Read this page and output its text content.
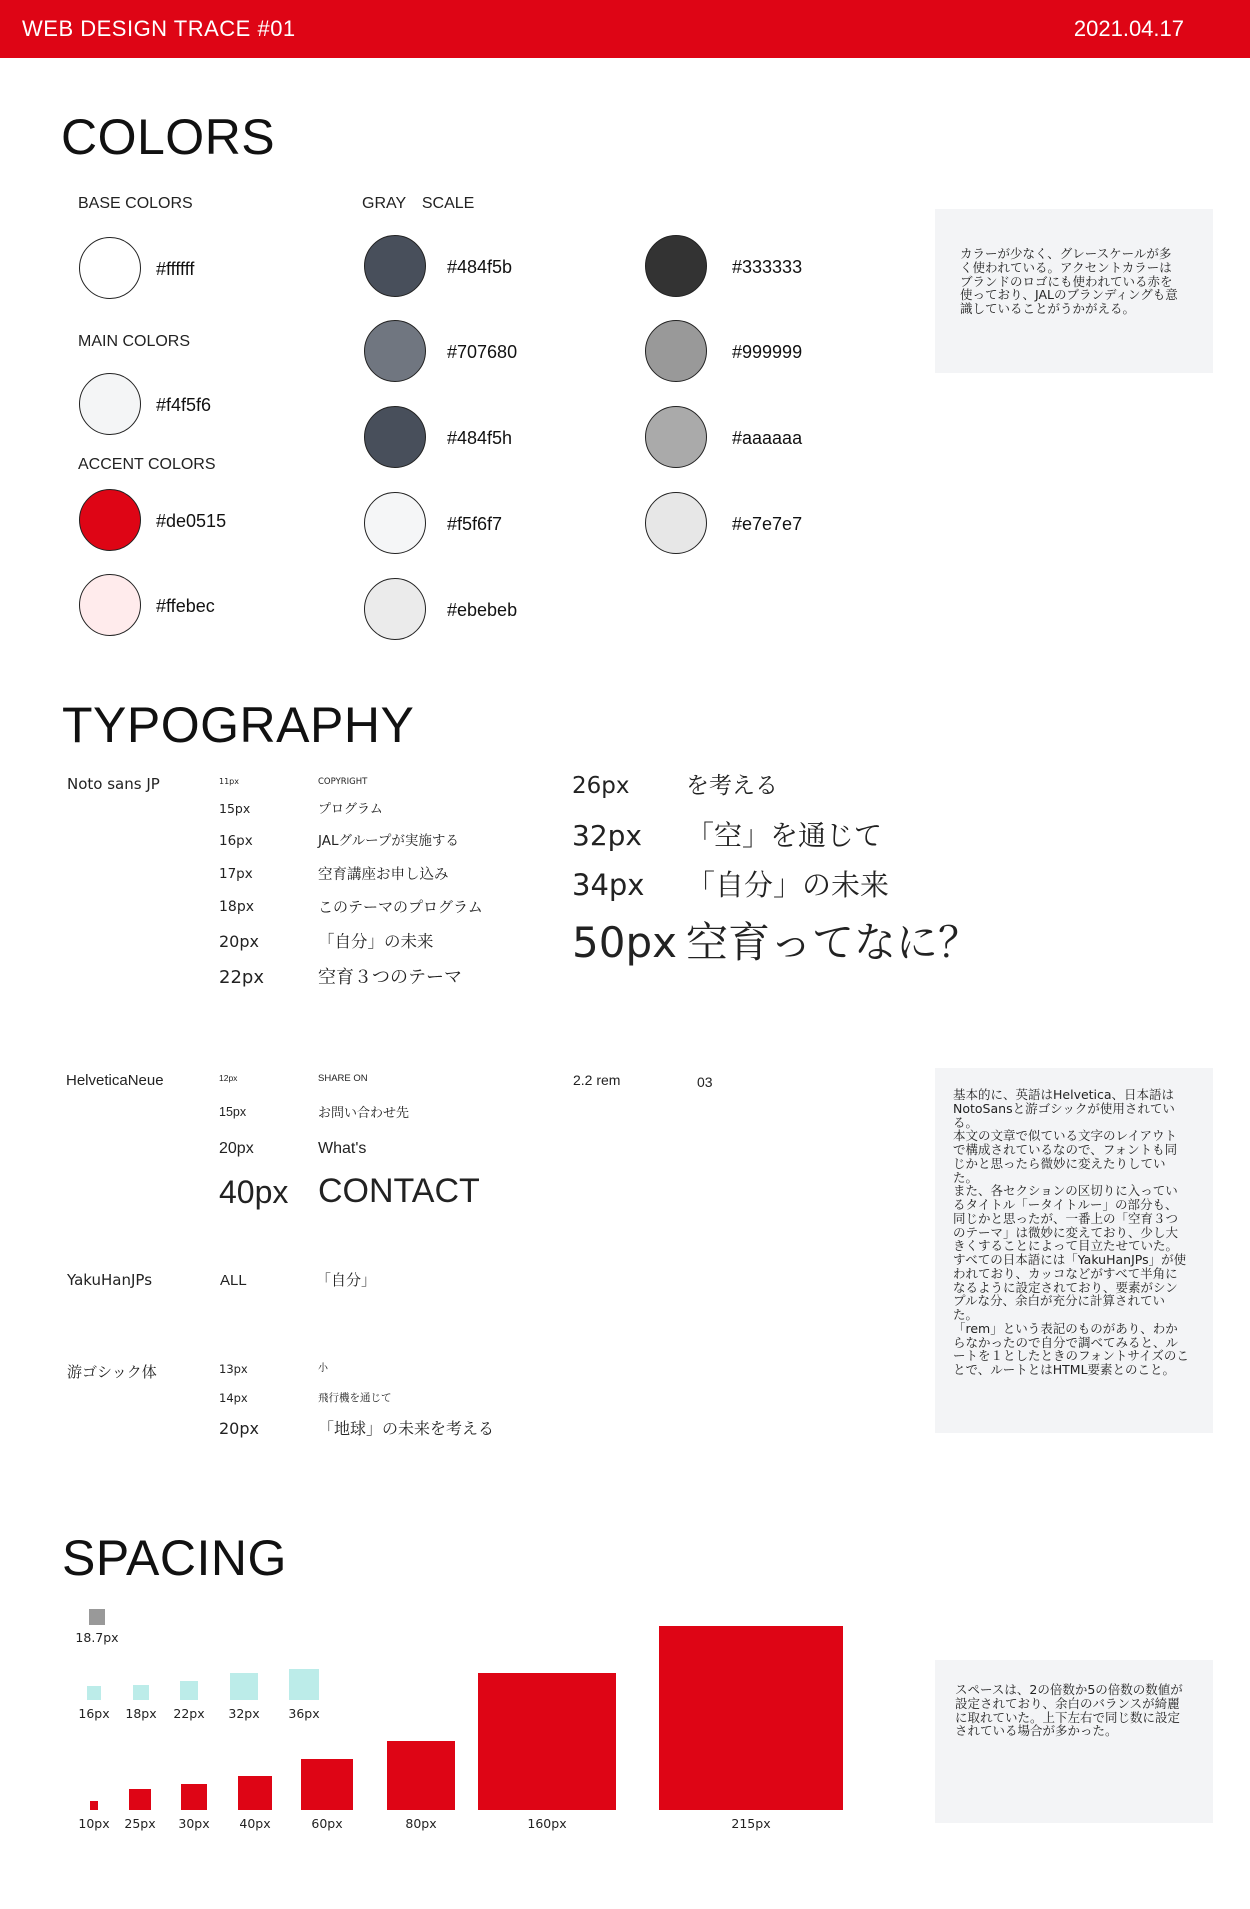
WEB DESIGN TRACE #01	2021.04.17
COLORS
BASE COLORS
MAIN COLORS
ACCENT COLORS
GRAY　SCALE
#ffffff
#f4f5f6
#de0515
#ffebec
#484f5b
#707680
#484f5h
#f5f6f7
#ebebeb
#333333
#999999
#aaaaaa
#e7e7e7

カラーが少なく、グレースケールが多く使われている。アクセントカラーはブランドのロゴにも使われている赤を使っており、JALのブランディングも意識していることがうかがえる。

TYPOGRAPHY
Noto sans JP	11px	COPYRIGHT
15px	プログラム
16px	JALグループが実施する
17px	空育講座お申し込み
18px	このテーマのプログラム
20px	「自分」の未来
22px	空育３つのテーマ
26px を考える
32px 「空」を通じて
34px 「自分」の未来
50px 空育ってなに？
HelveticaNeue	12px	SHARE ON
15px	お問い合わせ先
20px	What's
40px CONTACT
2.2 rem	03
YakuHanJPs	ALL	「自分」
游ゴシック体	13px	小
14px	飛行機を通じて
20px	「地球」の未来を考える

基本的に、英語はHelvetica、日本語はNotoSansと游ゴシックが使用されている。

本文の文章で似ている文字のレイアウトで構成されているなので、フォントも同じかと思ったら微妙に変えたりしていた。

また、各セクションの区切りに入っているタイトル「ータイトルー」の部分も、同じかと思ったが、一番上の「空育３つのテーマ」は微妙に変えており、少し大きくすることによって目立たせていた。

すべての日本語には「YakuHanJPs」が使われており、カッコなどがすべて半角になるように設定されており、要素がシンプルな分、余白が充分に計算されていた。

「rem」という表記のものがあり、わからなかったので自分で調べてみると、ルートを１としたときのフォントサイズのことで、ルートとはHTML要素とのこと。

SPACING
18.7px
16px 18px 22px 32px 36px
10px 25px 30px 40px	60px	80px	160px	215px

スペースは、2の倍数か5の倍数の数値が設定されており、余白のバランスが綺麗に取れていた。上下左右で同じ数に設定されている場合が多かった。
